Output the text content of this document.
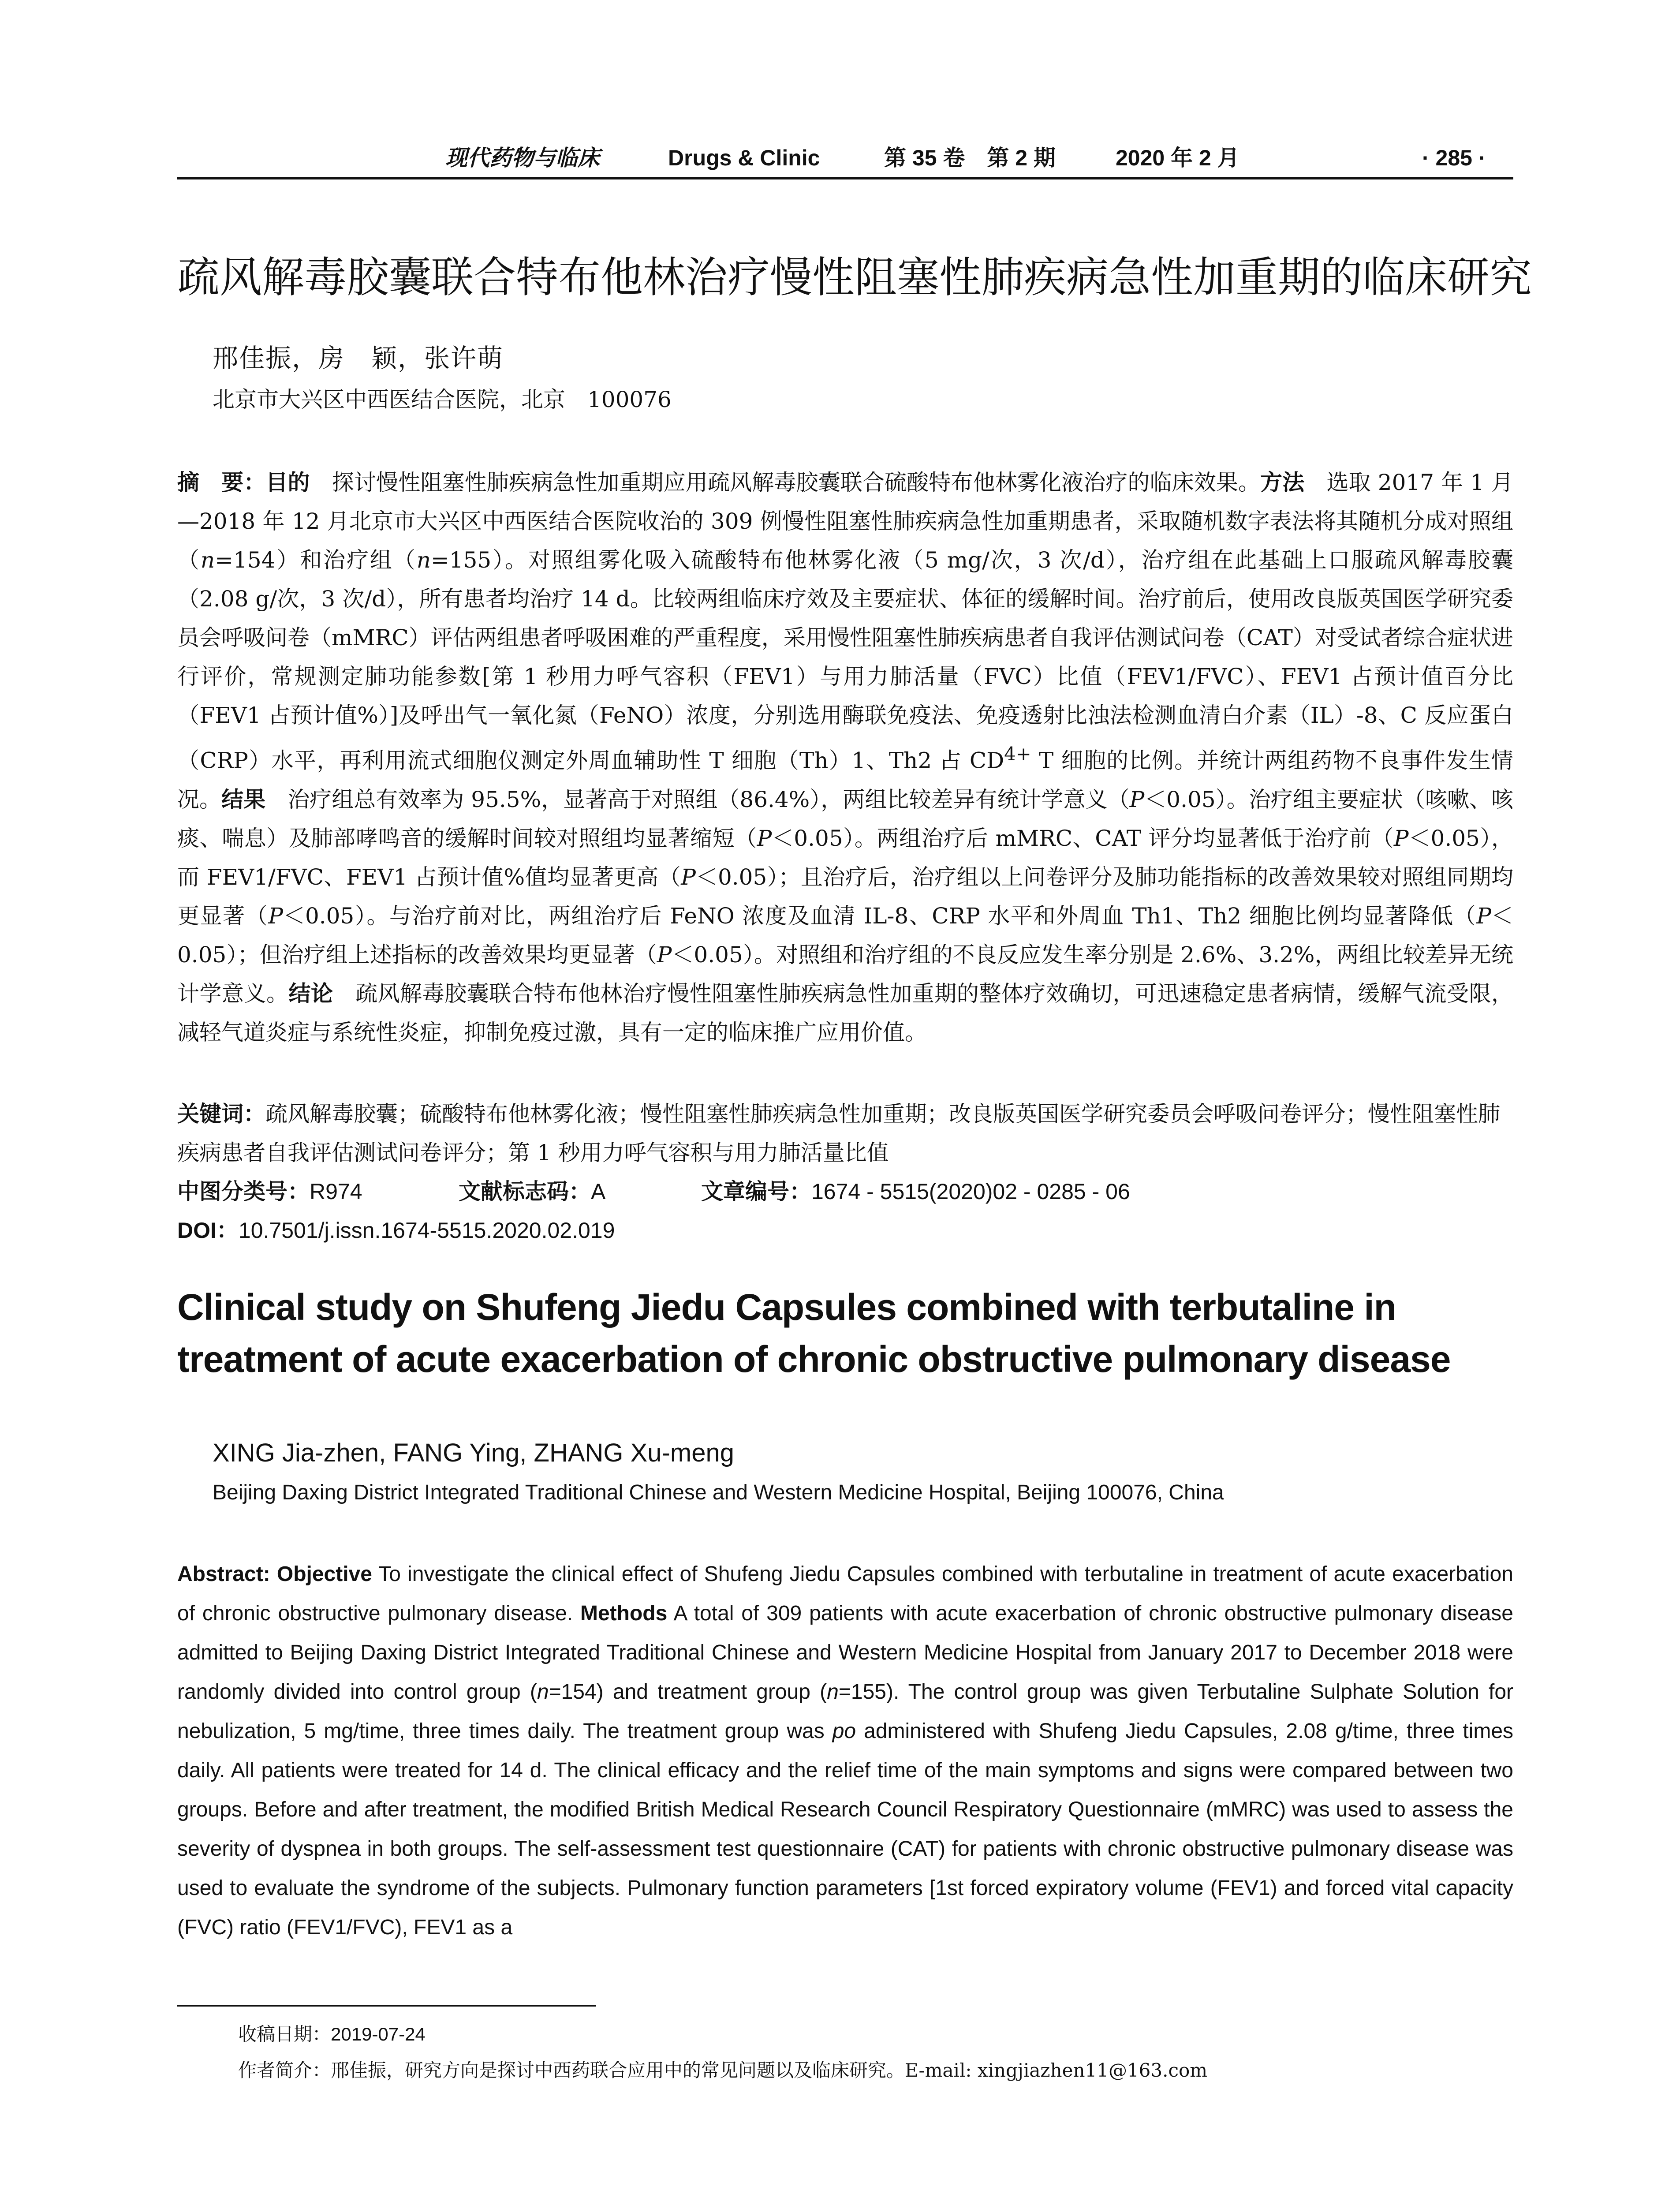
现代药物与临床	Drugs & Clinic	第 35 卷　第 2 期	2020 年 2 月	· 285 ·
疏风解毒胶囊联合特布他林治疗慢性阻塞性肺疾病急性加重期的临床研究
邢佳振，房　颖，张许萌
北京市大兴区中西医结合医院，北京　100076
摘　要：目的　探讨慢性阻塞性肺疾病急性加重期应用疏风解毒胶囊联合硫酸特布他林雾化液治疗的临床效果。方法　选取 2017 年 1 月—2018 年 12 月北京市大兴区中西医结合医院收治的 309 例慢性阻塞性肺疾病急性加重期患者，采取随机数字表法将其随机分成对照组（n=154）和治疗组（n=155）。对照组雾化吸入硫酸特布他林雾化液（5 mg/次，3 次/d），治疗组在此基础上口服疏风解毒胶囊（2.08 g/次，3 次/d），所有患者均治疗 14 d。比较两组临床疗效及主要症状、体征的缓解时间。治疗前后，使用改良版英国医学研究委员会呼吸问卷（mMRC）评估两组患者呼吸困难的严重程度，采用慢性阻塞性肺疾病患者自我评估测试问卷（CAT）对受试者综合症状进行评价，常规测定肺功能参数[第 1 秒用力呼气容积（FEV1）与用力肺活量（FVC）比值（FEV1/FVC）、FEV1 占预计值百分比（FEV1 占预计值%）]及呼出气一氧化氮（FeNO）浓度，分别选用酶联免疫法、免疫透射比浊法检测血清白介素（IL）-8、C 反应蛋白（CRP）水平，再利用流式细胞仪测定外周血辅助性 T 细胞（Th）1、Th2 占 $CD^{4+}$ T 细胞的比例。并统计两组药物不良事件发生情况。结果　治疗组总有效率为 95.5%，显著高于对照组（86.4%），两组比较差异有统计学意义（P＜0.05）。治疗组主要症状（咳嗽、咳痰、喘息）及肺部哮鸣音的缓解时间较对照组均显著缩短（P＜0.05）。两组治疗后 mMRC、CAT 评分均显著低于治疗前（P＜0.05），而 FEV1/FVC、FEV1 占预计值%值均显著更高（P＜0.05）；且治疗后，治疗组以上问卷评分及肺功能指标的改善效果较对照组同期均更显著（P＜0.05）。与治疗前对比，两组治疗后 FeNO 浓度及血清 IL-8、CRP 水平和外周血 Th1、Th2 细胞比例均显著降低（P＜0.05）；但治疗组上述指标的改善效果均更显著（P＜0.05）。对照组和治疗组的不良反应发生率分别是 2.6%、3.2%，两组比较差异无统计学意义。结论　疏风解毒胶囊联合特布他林治疗慢性阻塞性肺疾病急性加重期的整体疗效确切，可迅速稳定患者病情，缓解气流受限，减轻气道炎症与系统性炎症，抑制免疫过激，具有一定的临床推广应用价值。
关键词：疏风解毒胶囊；硫酸特布他林雾化液；慢性阻塞性肺疾病急性加重期；改良版英国医学研究委员会呼吸问卷评分；慢性阻塞性肺疾病患者自我评估测试问卷评分；第 1 秒用力呼气容积与用力肺活量比值
中图分类号：R974	文献标志码：A	文章编号：1674 - 5515(2020)02 - 0285 - 06
DOI：10.7501/j.issn.1674-5515.2020.02.019
Clinical study on Shufeng Jiedu Capsules combined with terbutaline in treatment of acute exacerbation of chronic obstructive pulmonary disease
XING Jia-zhen, FANG Ying, ZHANG Xu-meng
Beijing Daxing District Integrated Traditional Chinese and Western Medicine Hospital, Beijing 100076, China
Abstract: Objective To investigate the clinical effect of Shufeng Jiedu Capsules combined with terbutaline in treatment of acute exacerbation of chronic obstructive pulmonary disease. Methods A total of 309 patients with acute exacerbation of chronic obstructive pulmonary disease admitted to Beijing Daxing District Integrated Traditional Chinese and Western Medicine Hospital from January 2017 to December 2018 were randomly divided into control group (n=154) and treatment group (n=155). The control group was given Terbutaline Sulphate Solution for nebulization, 5 mg/time, three times daily. The treatment group was po administered with Shufeng Jiedu Capsules, 2.08 g/time, three times daily. All patients were treated for 14 d. The clinical efficacy and the relief time of the main symptoms and signs were compared between two groups. Before and after treatment, the modified British Medical Research Council Respiratory Questionnaire (mMRC) was used to assess the severity of dyspnea in both groups. The self-assessment test questionnaire (CAT) for patients with chronic obstructive pulmonary disease was used to evaluate the syndrome of the subjects. Pulmonary function parameters [1st forced expiratory volume (FEV1) and forced vital capacity (FVC) ratio (FEV1/FVC), FEV1 as a
收稿日期：2019-07-24
作者简介：邢佳振，研究方向是探讨中西药联合应用中的常见问题以及临床研究。E-mail: xingjiazhen11@163.com
